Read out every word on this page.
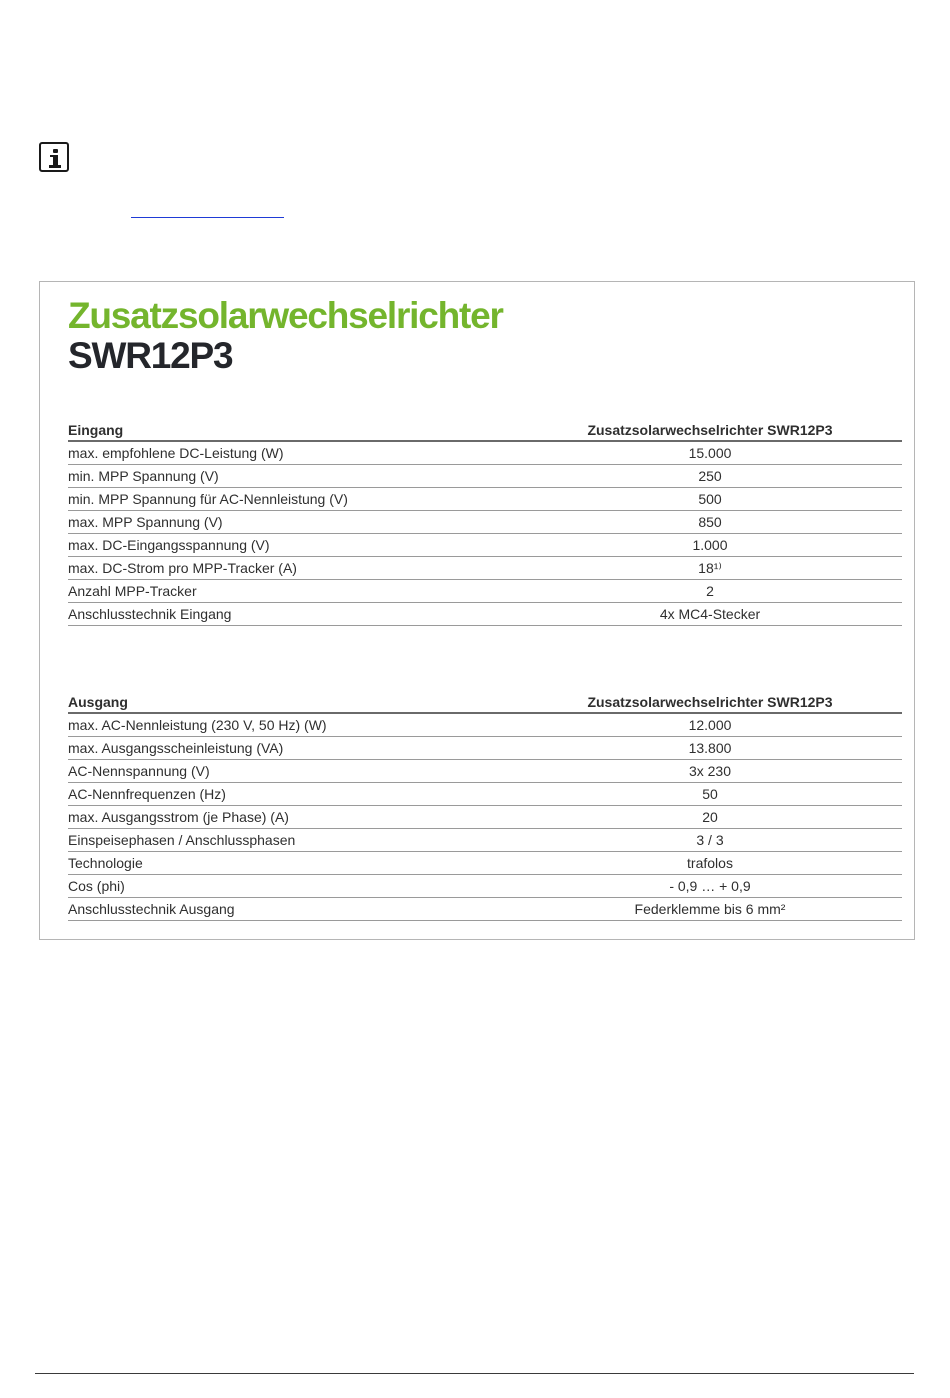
Zusatzsolarwechselrichter
SWR12P3
Eingang	Zusatzsolarwechselrichter SWR12P3
max. empfohlene DC-Leistung (W)	15.000
min. MPP Spannung (V)	250
min. MPP Spannung für AC-Nennleistung (V)	500
max. MPP Spannung (V)	850
max. DC-Eingangsspannung (V)	1.000
max. DC-Strom pro MPP-Tracker (A)	18¹⁾
Anzahl MPP-Tracker	2
Anschlusstechnik Eingang	4x MC4-Stecker
Ausgang	Zusatzsolarwechselrichter SWR12P3
max. AC-Nennleistung (230 V, 50 Hz) (W)	12.000
max. Ausgangsscheinleistung (VA)	13.800
AC-Nennspannung (V)	3x 230
AC-Nennfrequenzen (Hz)	50
max. Ausgangsstrom (je Phase) (A)	20
Einspeisephasen / Anschlussphasen	3 / 3
Technologie	trafolos
Cos (phi)	- 0,9 … + 0,9
Anschlusstechnik Ausgang	Federklemme bis 6 mm²
